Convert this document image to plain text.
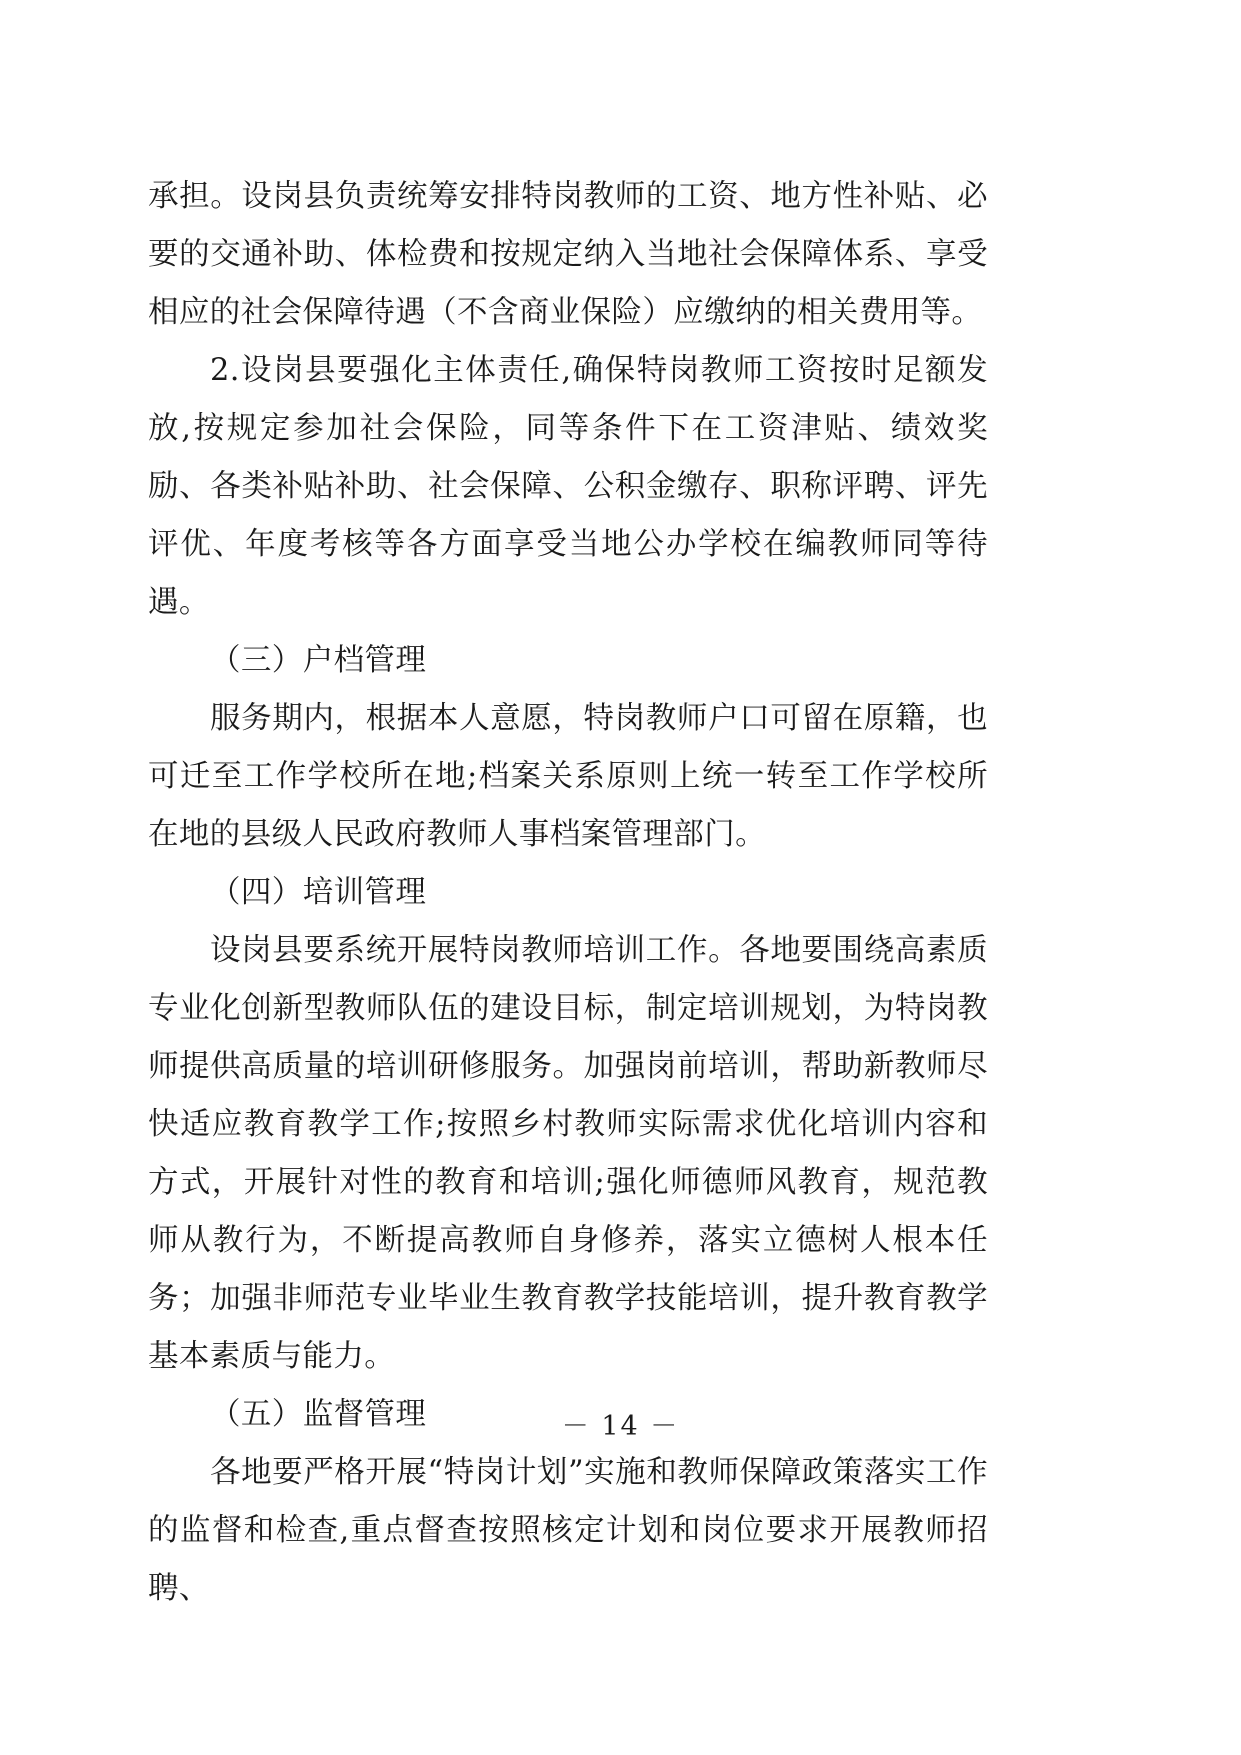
承担。设岗县负责统筹安排特岗教师的工资、地方性补贴、必要的交通补助、体检费和按规定纳入当地社会保障体系、享受相应的社会保障待遇（不含商业保险）应缴纳的相关费用等。

2.设岗县要强化主体责任,确保特岗教师工资按时足额发放,按规定参加社会保险，同等条件下在工资津贴、绩效奖励、各类补贴补助、社会保障、公积金缴存、职称评聘、评先评优、年度考核等各方面享受当地公办学校在编教师同等待遇。

（三）户档管理

服务期内，根据本人意愿，特岗教师户口可留在原籍，也可迁至工作学校所在地;档案关系原则上统一转至工作学校所在地的县级人民政府教师人事档案管理部门。

（四）培训管理

设岗县要系统开展特岗教师培训工作。各地要围绕高素质专业化创新型教师队伍的建设目标，制定培训规划，为特岗教师提供高质量的培训研修服务。加强岗前培训，帮助新教师尽快适应教育教学工作;按照乡村教师实际需求优化培训内容和方式，开展针对性的教育和培训;强化师德师风教育，规范教师从教行为，不断提高教师自身修养，落实立德树人根本任务；加强非师范专业毕业生教育教学技能培训，提升教育教学基本素质与能力。

（五）监督管理

各地要严格开展“特岗计划”实施和教师保障政策落实工作的监督和检查,重点督查按照核定计划和岗位要求开展教师招聘、

－ 14 －
